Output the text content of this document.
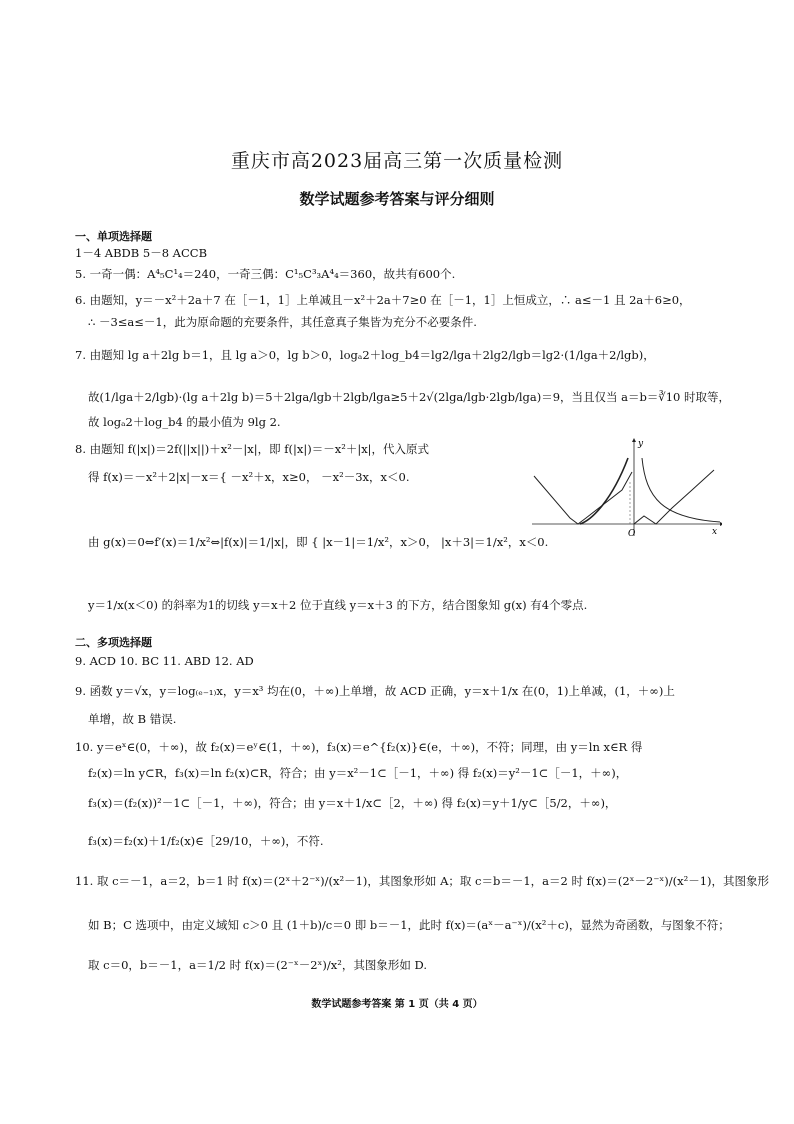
重庆市高2023届高三第一次质量检测
数学试题参考答案与评分细则
一、单项选择题
1－4 ABDB 5－8 ACCB
5. 一奇一偶：A⁴₅C¹₄＝240，一奇三偶：C¹₅C³₃A⁴₄＝360，故共有600个.
6. 由题知，y＝－x²＋2a＋7 在［－1，1］上单减且－x²＋2a＋7≥0 在［－1，1］上恒成立，∴ a≤－1 且 2a＋6≥0，
∴ －3≤a≤－1，此为原命题的充要条件，其任意真子集皆为充分不必要条件.
7. 由题知 lg a＋2lg b＝1，且 lg a＞0，lg b＞0，logₐ2＋log_b4＝lg2/lga＋2lg2/lgb＝lg2·(1/lga＋2/lgb)，
故(1/lga＋2/lgb)·(lg a＋2lg b)＝5＋2lga/lgb＋2lgb/lga≥5＋2√(2lga/lgb·2lgb/lga)＝9，当且仅当 a＝b＝∛10 时取等，
故 logₐ2＋log_b4 的最小值为 9lg 2.
8. 由题知 f(|x|)＝2f(||x||)＋x²－|x|，即 f(|x|)＝－x²＋|x|，代入原式
得 f(x)＝－x²＋2|x|－x＝{ －x²＋x，x≥0， －x²－3x，x＜0.
由 g(x)＝0⇔f′(x)＝1/x²⇔|f(x)|＝1/|x|，即 { |x－1|＝1/x²，x＞0， |x＋3|＝1/x²，x＜0.
y＝1/x(x＜0) 的斜率为1的切线 y＝x＋2 位于直线 y＝x＋3 的下方，结合图象知 g(x) 有4个零点.
y
O	x
二、多项选择题
9. ACD 10. BC 11. ABD 12. AD
9. 函数 y＝√x，y＝log₍ₑ₋₁₎x，y＝x³ 均在(0，＋∞)上单增，故 ACD 正确，y＝x＋1/x 在(0，1)上单减，(1，＋∞)上
单增，故 B 错误.
10. y＝eˣ∈(0，＋∞)，故 f₂(x)＝eʸ∈(1，＋∞)，f₃(x)＝e^{f₂(x)}∈(e，＋∞)，不符；同理，由 y＝ln x∈R 得
f₂(x)＝ln y⊂R，f₃(x)＝ln f₂(x)⊂R，符合；由 y＝x²－1⊂［－1，＋∞) 得 f₂(x)＝y²－1⊂［－1，＋∞)，
f₃(x)＝(f₂(x))²－1⊂［－1，＋∞)，符合；由 y＝x＋1/x⊂［2，＋∞) 得 f₂(x)＝y＋1/y⊂［5/2，＋∞)，
f₃(x)＝f₂(x)＋1/f₂(x)∈［29/10，＋∞)，不符.
11. 取 c＝－1，a＝2，b＝1 时 f(x)＝(2ˣ＋2⁻ˣ)/(x²－1)，其图象形如 A；取 c＝b＝－1，a＝2 时 f(x)＝(2ˣ－2⁻ˣ)/(x²－1)，其图象形
如 B；C 选项中，由定义域知 c＞0 且 (1＋b)/c＝0 即 b＝－1，此时 f(x)＝(aˣ－a⁻ˣ)/(x²＋c)，显然为奇函数，与图象不符；
取 c＝0，b＝－1，a＝1/2 时 f(x)＝(2⁻ˣ－2ˣ)/x²，其图象形如 D.
数学试题参考答案 第 1 页（共 4 页）
